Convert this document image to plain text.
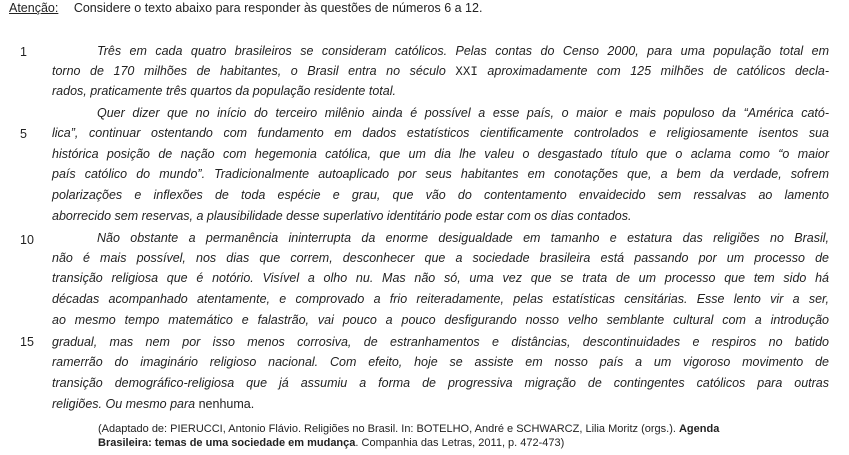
Atenção: Considere o texto abaixo para responder às questões de números 6 a 12.
1
5
10
15
Três em cada quatro brasileiros se consideram católicos. Pelas contas do Censo 2000, para uma população total em
torno de 170 milhões de habitantes, o Brasil entra no século XXI aproximadamente com 125 milhões de católicos decla-
rados, praticamente três quartos da população residente total.
Quer dizer que no início do terceiro milênio ainda é possível a esse país, o maior e mais populoso da “América cató-
lica”, continuar ostentando com fundamento em dados estatísticos cientificamente controlados e religiosamente isentos sua
histórica posição de nação com hegemonia católica, que um dia lhe valeu o desgastado título que o aclama como “o maior
país católico do mundo”. Tradicionalmente autoaplicado por seus habitantes em conotações que, a bem da verdade, sofrem
polarizações e inflexões de toda espécie e grau, que vão do contentamento envaidecido sem ressalvas ao lamento
aborrecido sem reservas, a plausibilidade desse superlativo identitário pode estar com os dias contados.
Não obstante a permanência ininterrupta da enorme desigualdade em tamanho e estatura das religiões no Brasil,
não é mais possível, nos dias que correm, desconhecer que a sociedade brasileira está passando por um processo de
transição religiosa que é notório. Visível a olho nu. Mas não só, uma vez que se trata de um processo que tem sido há
décadas acompanhado atentamente, e comprovado a frio reiteradamente, pelas estatísticas censitárias. Esse lento vir a ser,
ao mesmo tempo matemático e falastrão, vai pouco a pouco desfigurando nosso velho semblante cultural com a introdução
gradual, mas nem por isso menos corrosiva, de estranhamentos e distâncias, descontinuidades e respiros no batido
ramerrão do imaginário religioso nacional. Com efeito, hoje se assiste em nosso país a um vigoroso movimento de
transição demográfico-religiosa que já assumiu a forma de progressiva migração de contingentes católicos para outras
religiões. Ou mesmo para nenhuma.
(Adaptado de: PIERUCCI, Antonio Flávio. Religiões no Brasil. In: BOTELHO, André e SCHWARCZ, Lilia Moritz (orgs.). Agenda
Brasileira: temas de uma sociedade em mudança. Companhia das Letras, 2011, p. 472-473)
